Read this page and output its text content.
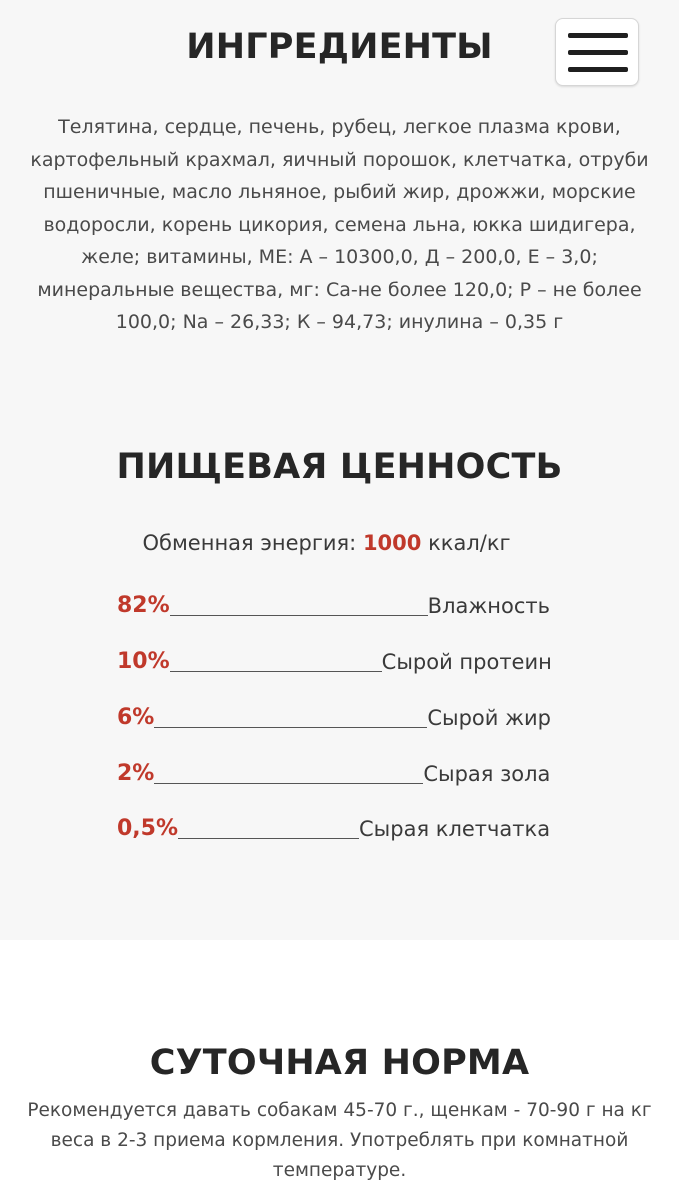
ИНГРЕДИЕНТЫ

Телятина, сердце, печень, рубец, легкое плазма крови, картофельный крахмал, яичный порошок, клетчатка, отруби пшеничные, масло льняное, рыбий жир, дрожжи, морские водоросли, корень цикория, семена льна, юкка шидигера, желе; витамины, МЕ: А – 10300,0, Д – 200,0, Е – 3,0; минеральные вещества, мг: Са-не более 120,0; Р – не более 100,0; Na – 26,33; К – 94,73; инулина – 0,35 г

ПИЩЕВАЯ ЦЕННОСТЬ
Обменная энергия: 1000 ккал/кг
82%	Влажность
10%	Сырой протеин
6%	Сырой жир
2%	Сырая зола
0,5%	Сырая клетчатка
СУТОЧНАЯ НОРМА

Рекомендуется давать собакам 45-70 г., щенкам - 70-90 г на кг веса в 2-3 приема кормления. Употреблять при комнатной температуре.
